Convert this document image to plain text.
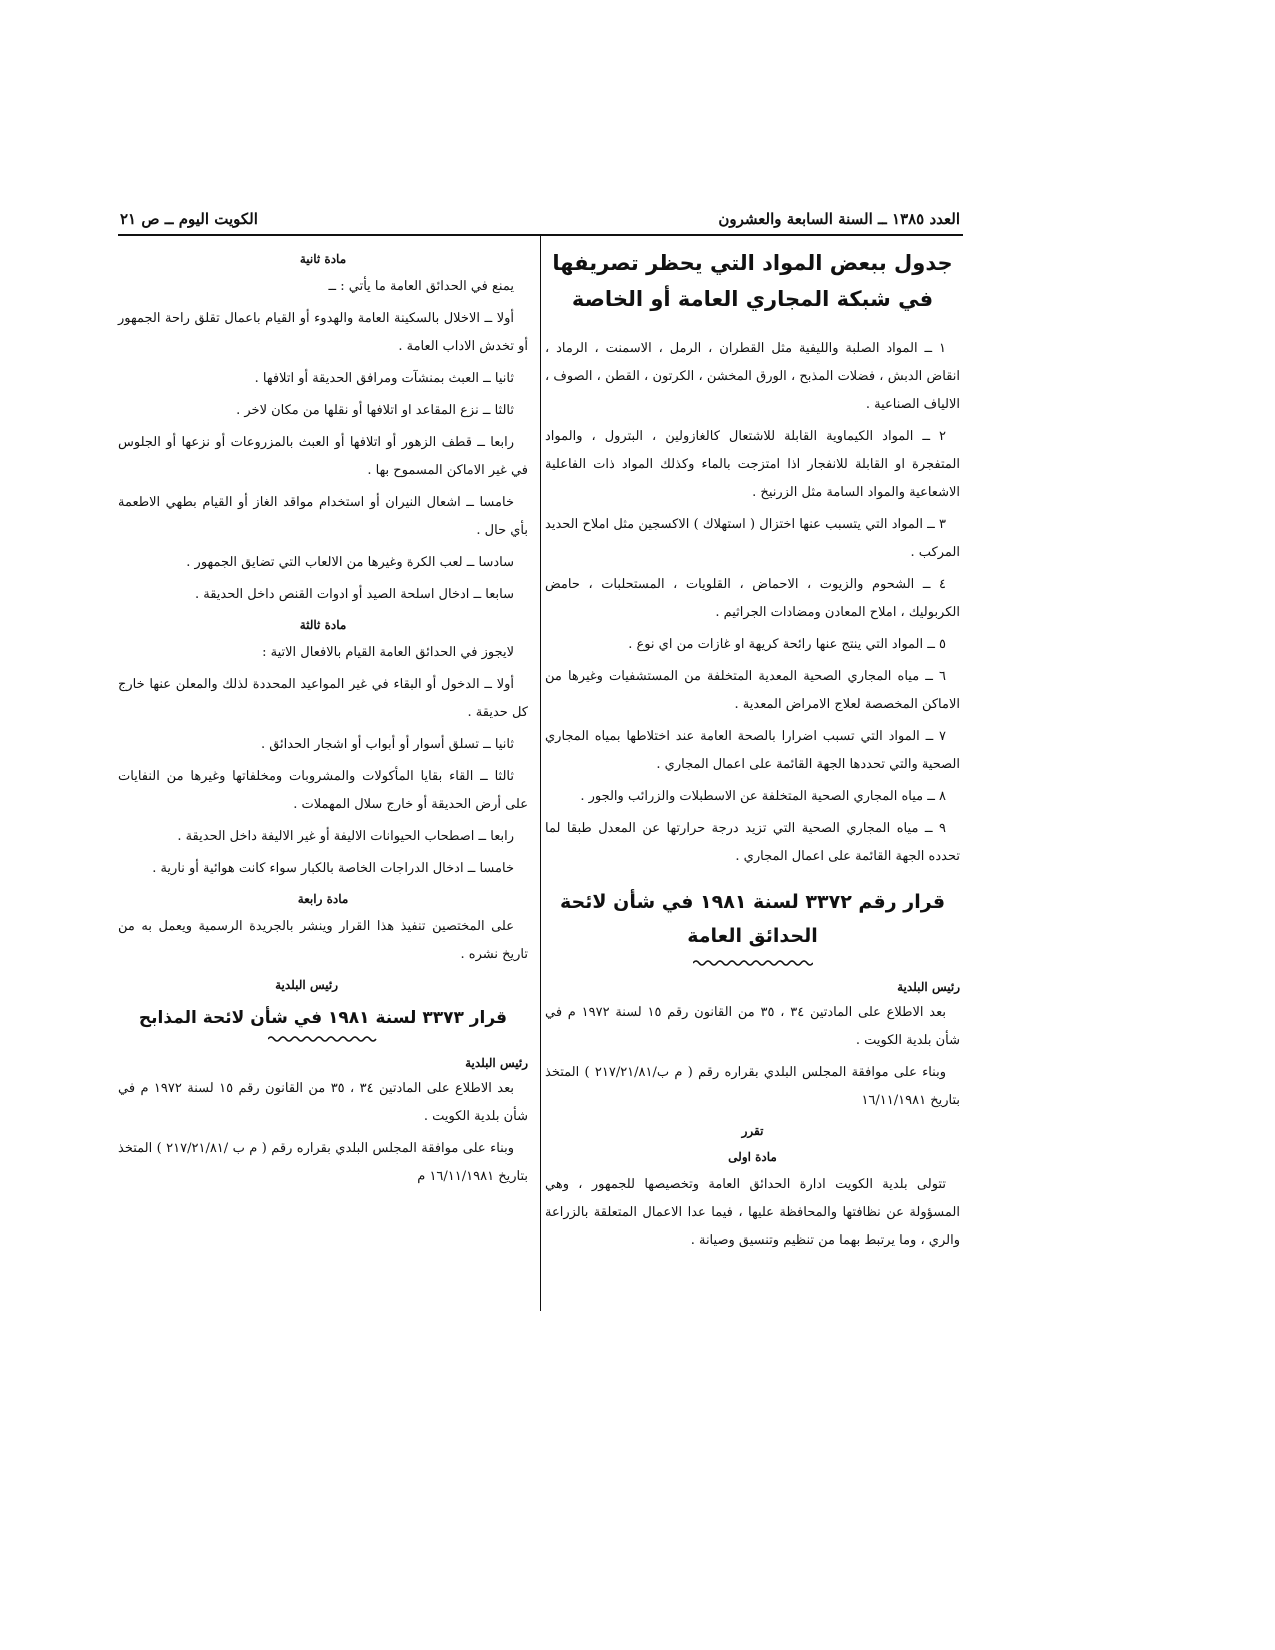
العدد ١٣٨٥ ــ السنة السابعة والعشرون
الكويت اليوم ــ ص ٢١
جدول ببعض المواد التي يحظر تصريفها في شبكة المجاري العامة أو الخاصة

١ ــ المواد الصلبة والليفية مثل القطران ، الرمل ، الاسمنت ، الرماد ، انقاض الدبش ، فضلات المذبح ، الورق المخشن ، الكرتون ، القطن ، الصوف ، الالياف الصناعية .

٢ ــ المواد الكيماوية القابلة للاشتعال كالغازولين ، البترول ، والمواد المتفجرة او القابلة للانفجار اذا امتزجت بالماء وكذلك المواد ذات الفاعلية الاشعاعية والمواد السامة مثل الزرنيخ .

٣ ــ المواد التي يتسبب عنها اختزال ( استهلاك ) الاكسجين مثل املاح الحديد المركب .

٤ ــ الشحوم والزيوت ، الاحماض ، القلويات ، المستحلبات ، حامض الكربوليك ، املاح المعادن ومضادات الجراثيم .

٥ ــ المواد التي ينتج عنها رائحة كريهة او غازات من اي نوع .

٦ ــ مياه المجاري الصحية المعدية المتخلفة من المستشفيات وغيرها من الاماكن المخصصة لعلاج الامراض المعدية .

٧ ــ المواد التي تسبب اضرارا بالصحة العامة عند اختلاطها بمياه المجاري الصحية والتي تحددها الجهة القائمة على اعمال المجاري .

٨ ــ مياه المجاري الصحية المتخلفة عن الاسطبلات والزرائب والجور .

٩ ــ مياه المجاري الصحية التي تزيد درجة حرارتها عن المعدل طبقا لما تحدده الجهة القائمة على اعمال المجاري .

قرار رقم ٣٣٧٢ لسنة ١٩٨١ في شأن لائحة الحدائق العامة
رئيس البلدية

بعد الاطلاع على المادتين ٣٤ ، ٣٥ من القانون رقم ١٥ لسنة ١٩٧٢ م في شأن بلدية الكويت .

وبناء على موافقة المجلس البلدي بقراره رقم ( م ب/٢١٧/٢١/٨١ ) المتخذ بتاريخ ١٦/١١/١٩٨١

تقرر
مادة اولى

تتولى بلدية الكويت ادارة الحدائق العامة وتخصيصها للجمهور ، وهي المسؤولة عن نظافتها والمحافظة عليها ، فيما عدا الاعمال المتعلقة بالزراعة والري ، وما يرتبط بهما من تنظيم وتنسيق وصيانة .

مادة ثانية

يمنع في الحدائق العامة ما يأتي : ــ

أولا ــ الاخلال بالسكينة العامة والهدوء أو القيام باعمال تقلق راحة الجمهور أو تخدش الاداب العامة .

ثانيا ــ العبث بمنشآت ومرافق الحديقة أو اتلافها .

ثالثا ــ نزع المقاعد او اتلافها أو نقلها من مكان لاخر .

رابعا ــ قطف الزهور أو اتلافها أو العبث بالمزروعات أو نزعها أو الجلوس في غير الاماكن المسموح بها .

خامسا ــ اشعال النيران أو استخدام مواقد الغاز أو القيام بطهي الاطعمة بأي حال .

سادسا ــ لعب الكرة وغيرها من الالعاب التي تضايق الجمهور .

سابعا ــ ادخال اسلحة الصيد أو ادوات القنص داخل الحديقة .

مادة ثالثة

لايجوز في الحدائق العامة القيام بالافعال الاتية :

أولا ــ الدخول أو البقاء في غير المواعيد المحددة لذلك والمعلن عنها خارج كل حديقة .

ثانيا ــ تسلق أسوار أو أبواب أو اشجار الحدائق .

ثالثا ــ القاء بقايا المأكولات والمشروبات ومخلفاتها وغيرها من النفايات على أرض الحديقة أو خارج سلال المهملات .

رابعا ــ اصطحاب الحيوانات الاليفة أو غير الاليفة داخل الحديقة .

خامسا ــ ادخال الدراجات الخاصة بالكبار سواء كانت هوائية أو نارية .

مادة رابعة

على المختصين تنفيذ هذا القرار وينشر بالجريدة الرسمية ويعمل به من تاريخ نشره .

رئيس البلدية
قرار ٣٣٧٣ لسنة ١٩٨١ في شأن لائحة المذابح
رئيس البلدية

بعد الاطلاع على المادتين ٣٤ ، ٣٥ من القانون رقم ١٥ لسنة ١٩٧٢ م في شأن بلدية الكويت .

وبناء على موافقة المجلس البلدي بقراره رقم ( م ب /٢١٧/٢١/٨١ ) المتخذ بتاريخ ١٦/١١/١٩٨١ م
